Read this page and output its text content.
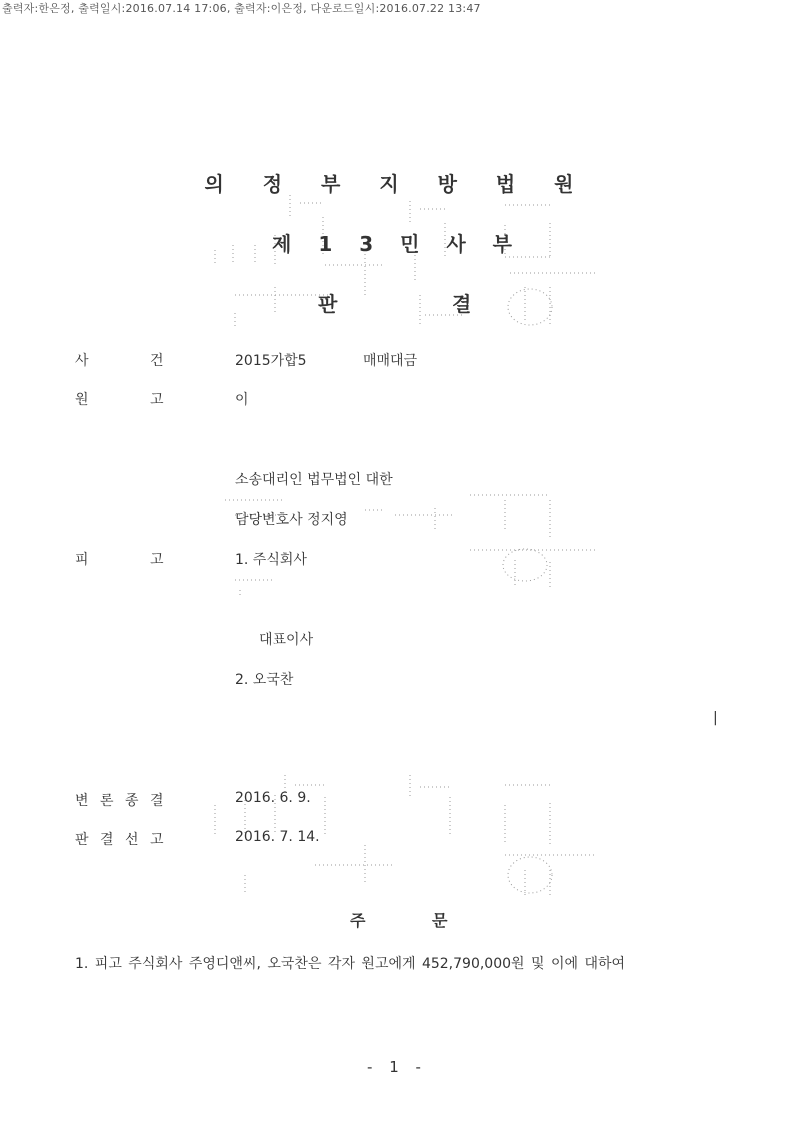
출력자:한은정, 출력일시:2016.07.14 17:06, 출력자:이은정, 다운로드일시:2016.07.22 13:47
의 정 부 지 방 법 원
제 1 3 민 사 부
판	결
사	건	2015가합5	매매대금
원	고	이
소송대리인 법무법인 대한
담당변호사 정지영
피	고	1. 주식회사
대표이사
2. 오국찬
|
변 론 종 결	2016. 6. 9.
판 결 선 고	2016. 7. 14.
주	문
1. 피고 주식회사 주영디앤씨, 오국찬은 각자 원고에게 452,790,000원 및 이에 대하여
- 1 -
